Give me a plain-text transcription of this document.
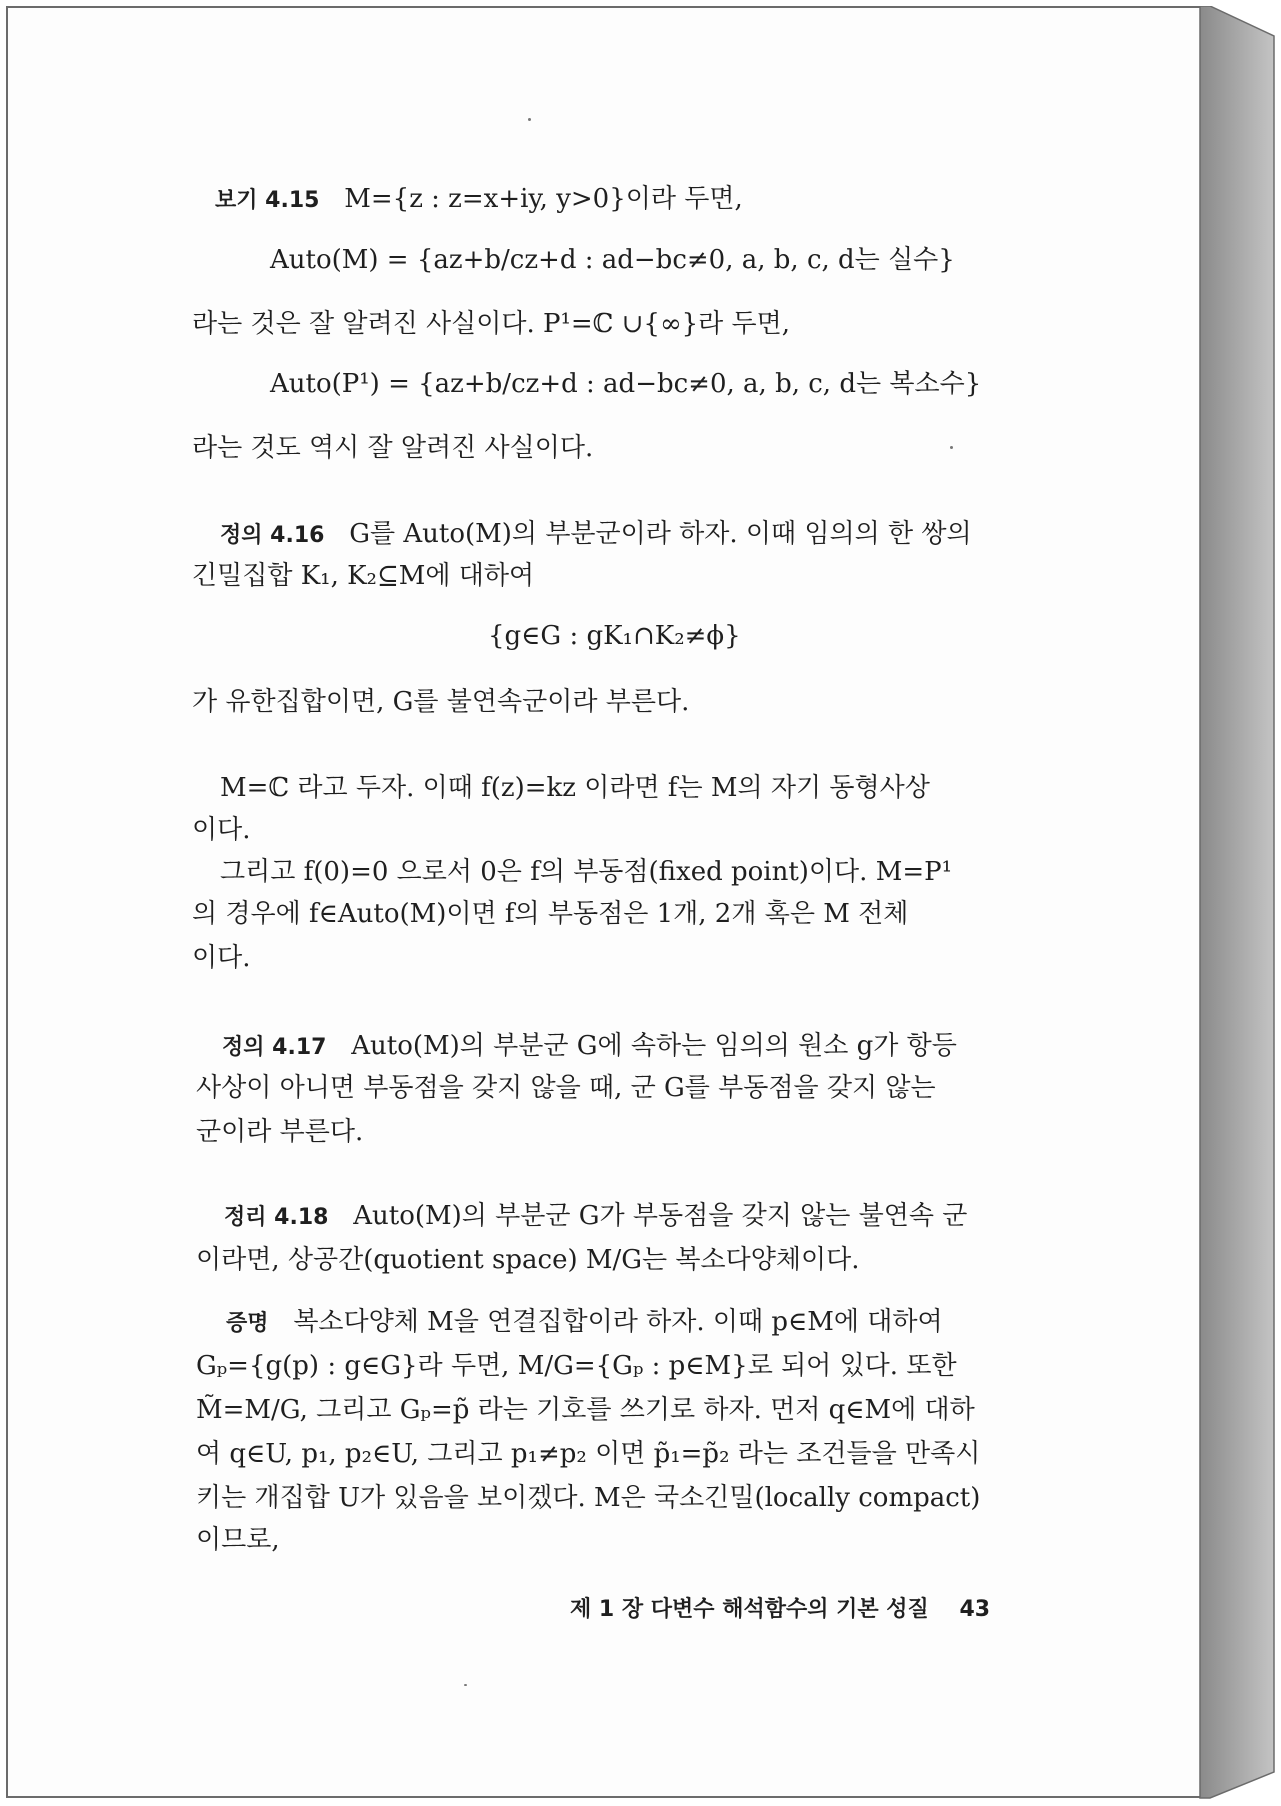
보기 4.15 M={z : z=x+iy, y>0}이라 두면,
Auto(M) = {az+b/cz+d : ad−bc≠0, a, b, c, d는 실수}
라는 것은 잘 알려진 사실이다. P¹=ℂ ∪{∞}라 두면,
Auto(P¹) = {az+b/cz+d : ad−bc≠0, a, b, c, d는 복소수}
라는 것도 역시 잘 알려진 사실이다.
정의 4.16 G를 Auto(M)의 부분군이라 하자. 이때 임의의 한 쌍의
긴밀집합 K₁, K₂⊆M에 대하여
{g∈G : gK₁∩K₂≠ϕ}
가 유한집합이면, G를 불연속군이라 부른다.
M=ℂ 라고 두자. 이때 f(z)=kz 이라면 f는 M의 자기 동형사상
이다.
그리고 f(0)=0 으로서 0은 f의 부동점(fixed point)이다. M=P¹
의 경우에 f∈Auto(M)이면 f의 부동점은 1개, 2개 혹은 M 전체
이다.
정의 4.17 Auto(M)의 부분군 G에 속하는 임의의 원소 g가 항등
사상이 아니면 부동점을 갖지 않을 때, 군 G를 부동점을 갖지 않는
군이라 부른다.
정리 4.18 Auto(M)의 부분군 G가 부동점을 갖지 않는 불연속 군
이라면, 상공간(quotient space) M/G는 복소다양체이다.
증명 복소다양체 M을 연결집합이라 하자. 이때 p∈M에 대하여
Gₚ={g(p) : g∈G}라 두면, M/G={Gₚ : p∈M}로 되어 있다. 또한
M̃=M/G, 그리고 Gₚ=p̃ 라는 기호를 쓰기로 하자. 먼저 q∈M에 대하
여 q∈U, p₁, p₂∈U, 그리고 p₁≠p₂ 이면 p̃₁=p̃₂ 라는 조건들을 만족시
키는 개집합 U가 있음을 보이겠다. M은 국소긴밀(locally compact)
이므로,
제 1 장 다변수 해석함수의 기본 성질 43
